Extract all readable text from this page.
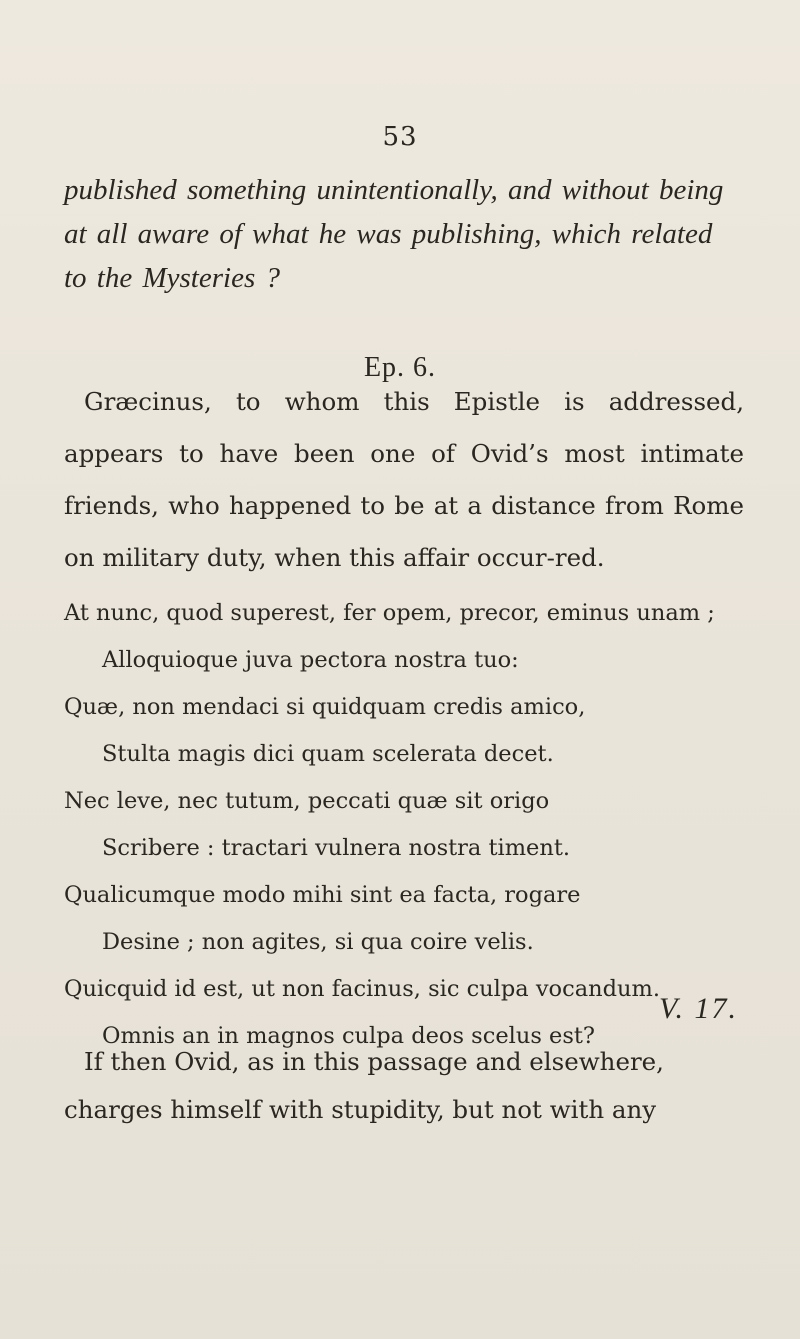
53

published something unintentionally, and without being at all aware of what he was publishing, which related to the Mysteries ?

Ep. 6.

Græcinus, to whom this Epistle is addressed, appears to have been one of Ovid’s most intimate friends, who happened to be at a distance from Rome on military duty, when this affair occur-red.

At nunc, quod superest, fer opem, precor, eminus unam ;
Alloquioque juva pectora nostra tuo:
Quæ, non mendaci si quidquam credis amico,
Stulta magis dici quam scelerata decet.
Nec leve, nec tutum, peccati quæ sit origo
Scribere : tractari vulnera nostra timent.
Qualicumque modo mihi sint ea facta, rogare
Desine ; non agites, si qua coire velis.
Quicquid id est, ut non facinus, sic culpa vocandum.
Omnis an in magnos culpa deos scelus est?
V. 17.

If then Ovid, as in this passage and elsewhere, charges himself with stupidity, but not with any
